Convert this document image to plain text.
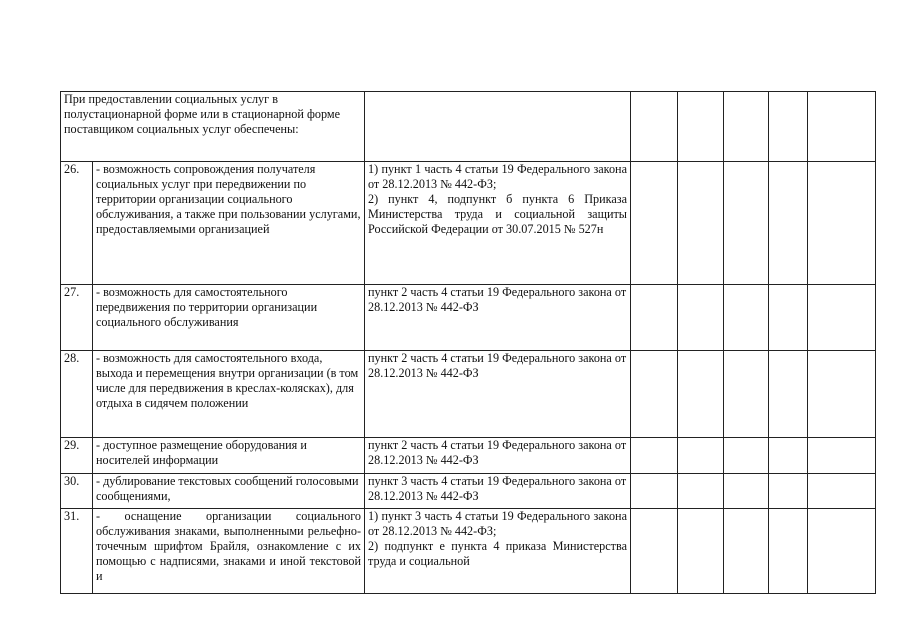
При предоставлении социальных услуг в полустационарной форме или в стационарной форме поставщиком социальных услуг обеспечены:							
26.	- возможность сопровождения получателя социальных услуг при передвижении по территории организации социального обслуживания, а также при пользовании услугами, предоставляемыми организацией	1) пункт 1 часть 4 статьи 19 Федерального закона от 28.12.2013 № 442-ФЗ;
2) пункт 4, подпункт б пункта 6 Приказа Министерства труда и социальной защиты Российской Федерации от 30.07.2015 № 527н					
27.	- возможность для самостоятельного передвижения по территории организации социального обслуживания	пункт 2 часть 4 статьи 19 Федерального закона от 28.12.2013 № 442-ФЗ					
28.	- возможность для самостоятельного входа, выхода и перемещения внутри организации (в том числе для передвижения в креслах-колясках), для отдыха в сидячем положении	пункт 2 часть 4 статьи 19 Федерального закона от 28.12.2013 № 442-ФЗ					
29.	- доступное размещение оборудования и носителей информации	пункт 2 часть 4 статьи 19 Федерального закона от 28.12.2013 № 442-ФЗ					
30.	- дублирование текстовых сообщений голосовыми сообщениями,	пункт 3 часть 4 статьи 19 Федерального закона от 28.12.2013 № 442-ФЗ					
31.	- оснащение организации социального обслуживания знаками, выполненными рельефно-точечным шрифтом Брайля, ознакомление с их помощью с надписями, знаками и иной текстовой и	1) пункт 3 часть 4 статьи 19 Федерального закона от 28.12.2013 № 442-ФЗ;
2) подпункт е пункта 4 приказа Министерства труда и социальной					
